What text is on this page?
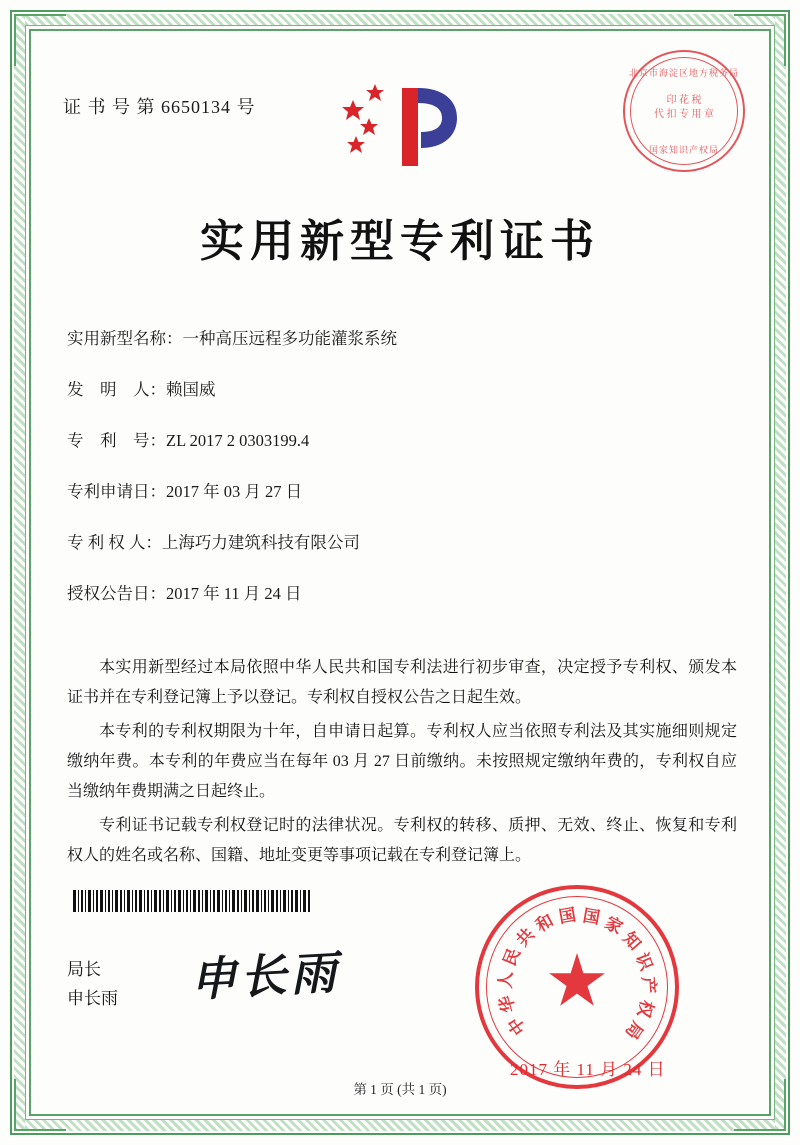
证 书 号 第 6650134 号
北京市海淀区地方税务局
印 花 税
代 扣 专 用 章
国家知识产权局
实用新型专利证书
实用新型名称：一种高压远程多功能灌浆系统
发　明　人：赖国威
专　利　号：ZL 2017 2 0303199.4
专利申请日：2017 年 03 月 27 日
专 利 权 人：上海巧力建筑科技有限公司
授权公告日：2017 年 11 月 24 日

本实用新型经过本局依照中华人民共和国专利法进行初步审查，决定授予专利权、颁发本证书并在专利登记簿上予以登记。专利权自授权公告之日起生效。

本专利的专利权期限为十年，自申请日起算。专利权人应当依照专利法及其实施细则规定缴纳年费。本专利的年费应当在每年 03 月 27 日前缴纳。未按照规定缴纳年费的，专利权自应当缴纳年费期满之日起终止。

专利证书记载专利权登记时的法律状况。专利权的转移、质押、无效、终止、恢复和专利权人的姓名或名称、国籍、地址变更等事项记载在专利登记簿上。

局长
申长雨 申长雨
中
华
人
民
共
和 国 国 家
知
识
产
权
局
2017 年 11 月 24 日
第 1 页 (共 1 页)
